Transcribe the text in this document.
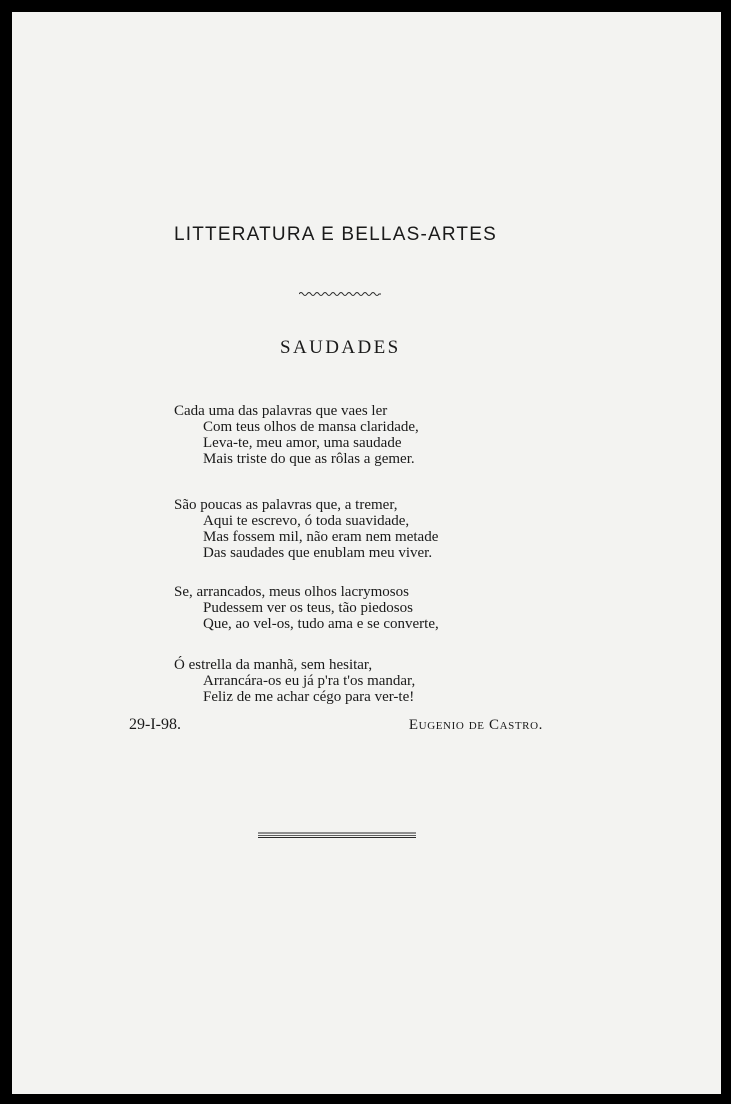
LITTERATURA E BELLAS-ARTES
SAUDADES
Cada uma das palavras que vaes ler
Com teus olhos de mansa claridade,
Leva-te, meu amor, uma saudade
Mais triste do que as rôlas a gemer.
São poucas as palavras que, a tremer,
Aqui te escrevo, ó toda suavidade,
Mas fossem mil, não eram nem metade
Das saudades que enublam meu viver.
Se, arrancados, meus olhos lacrymosos
Pudessem ver os teus, tão piedosos
Que, ao vel-os, tudo ama e se converte,
Ó estrella da manhã, sem hesitar,
Arrancára-os eu já p'ra t'os mandar,
Feliz de me achar cégo para ver-te!
29-I-98.	Eugenio de Castro.
